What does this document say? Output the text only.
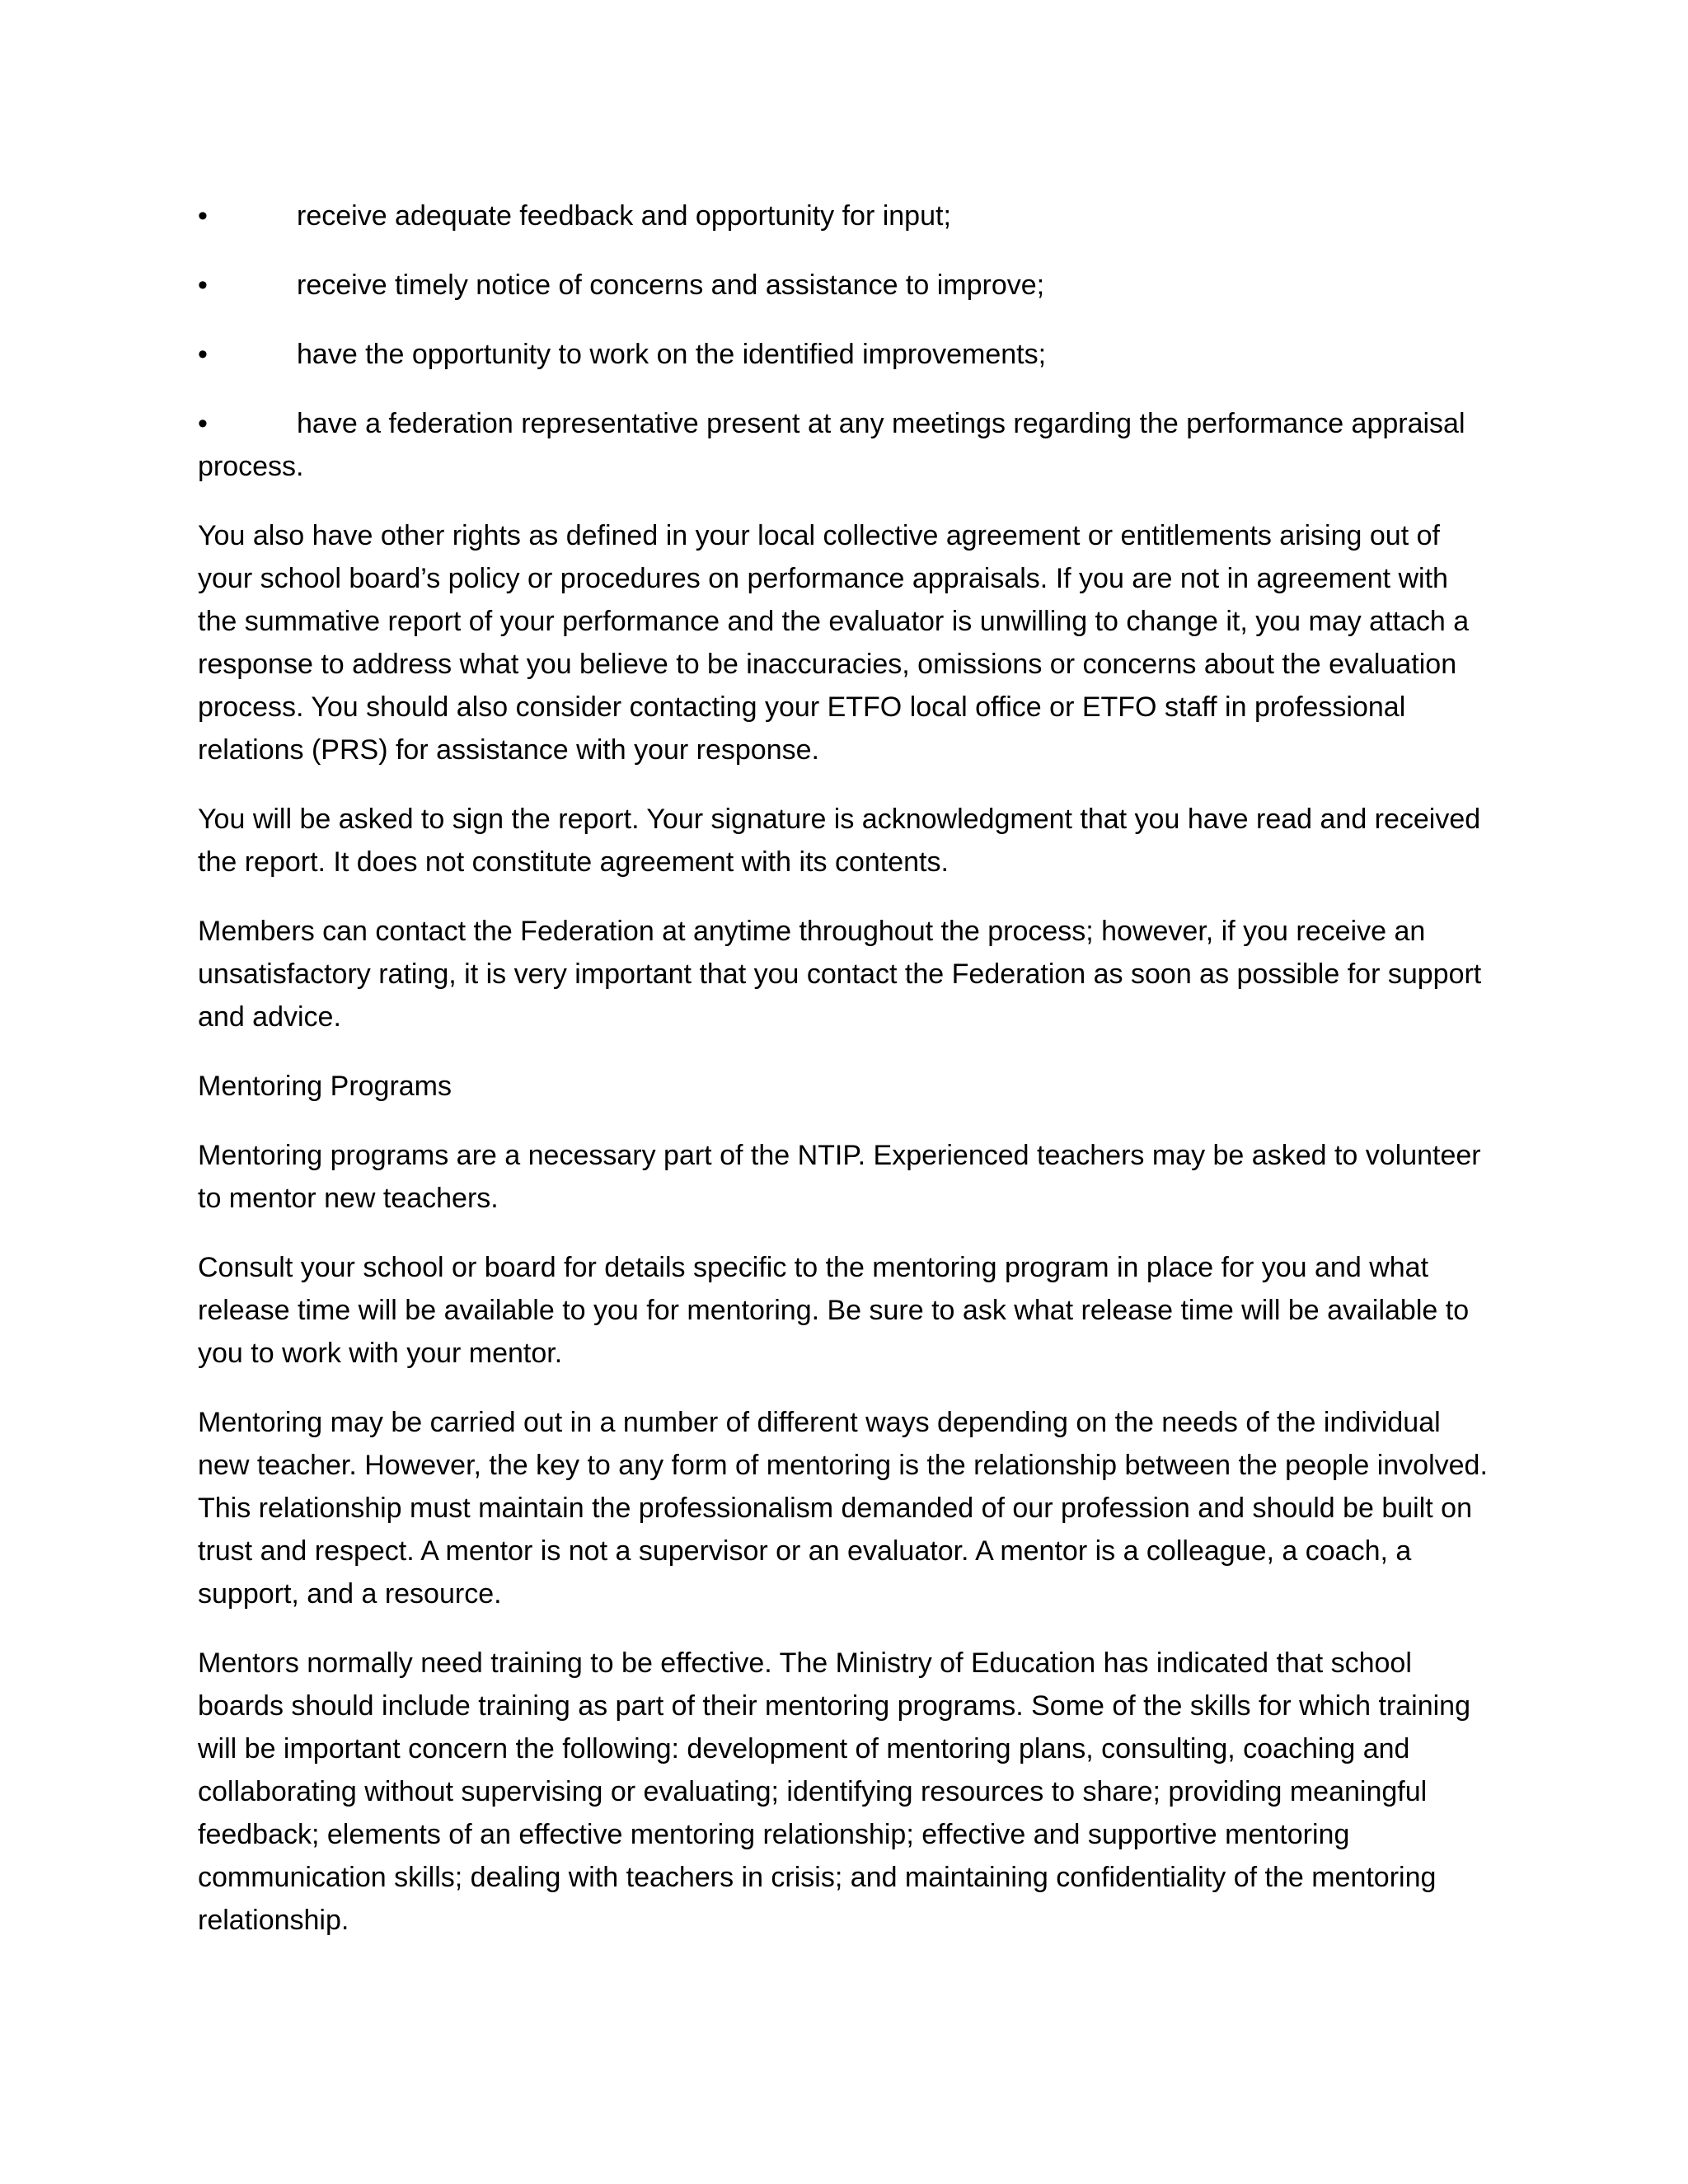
•	receive adequate feedback and opportunity for input;
•	receive timely notice of concerns and assistance to improve;
•	have the opportunity to work on the identified improvements;
•	have a federation representative present at any meetings regarding the performance appraisal process.

You also have other rights as defined in your local collective agreement or entitlements arising out of your school board’s policy or procedures on performance appraisals. If you are not in agreement with the summative report of your performance and the evaluator is unwilling to change it, you may attach a response to address what you believe to be inaccuracies, omissions or concerns about the evaluation process. You should also consider contacting your ETFO local office or ETFO staff in professional relations (PRS) for assistance with your response.

You will be asked to sign the report. Your signature is acknowledgment that you have read and received the report. It does not constitute agreement with its contents.

Members can contact the Federation at anytime throughout the process; however, if you receive an unsatisfactory rating, it is very important that you contact the Federation as soon as possible for support and advice.

Mentoring Programs

Mentoring programs are a necessary part of the NTIP. Experienced teachers may be asked to volunteer to mentor new teachers.

Consult your school or board for details specific to the mentoring program in place for you and what release time will be available to you for mentoring. Be sure to ask what release time will be available to you to work with your mentor.

Mentoring may be carried out in a number of different ways depending on the needs of the individual new teacher. However, the key to any form of mentoring is the relationship between the people involved. This relationship must maintain the professionalism demanded of our profession and should be built on trust and respect. A mentor is not a supervisor or an evaluator. A mentor is a colleague, a coach, a support, and a resource.

Mentors normally need training to be effective. The Ministry of Education has indicated that school boards should include training as part of their mentoring programs. Some of the skills for which training will be important concern the following: development of mentoring plans, consulting, coaching and collaborating without supervising or evaluating; identifying resources to share; providing meaningful feedback; elements of an effective mentoring relationship; effective and supportive mentoring communication skills; dealing with teachers in crisis; and maintaining confidentiality of the mentoring relationship.
